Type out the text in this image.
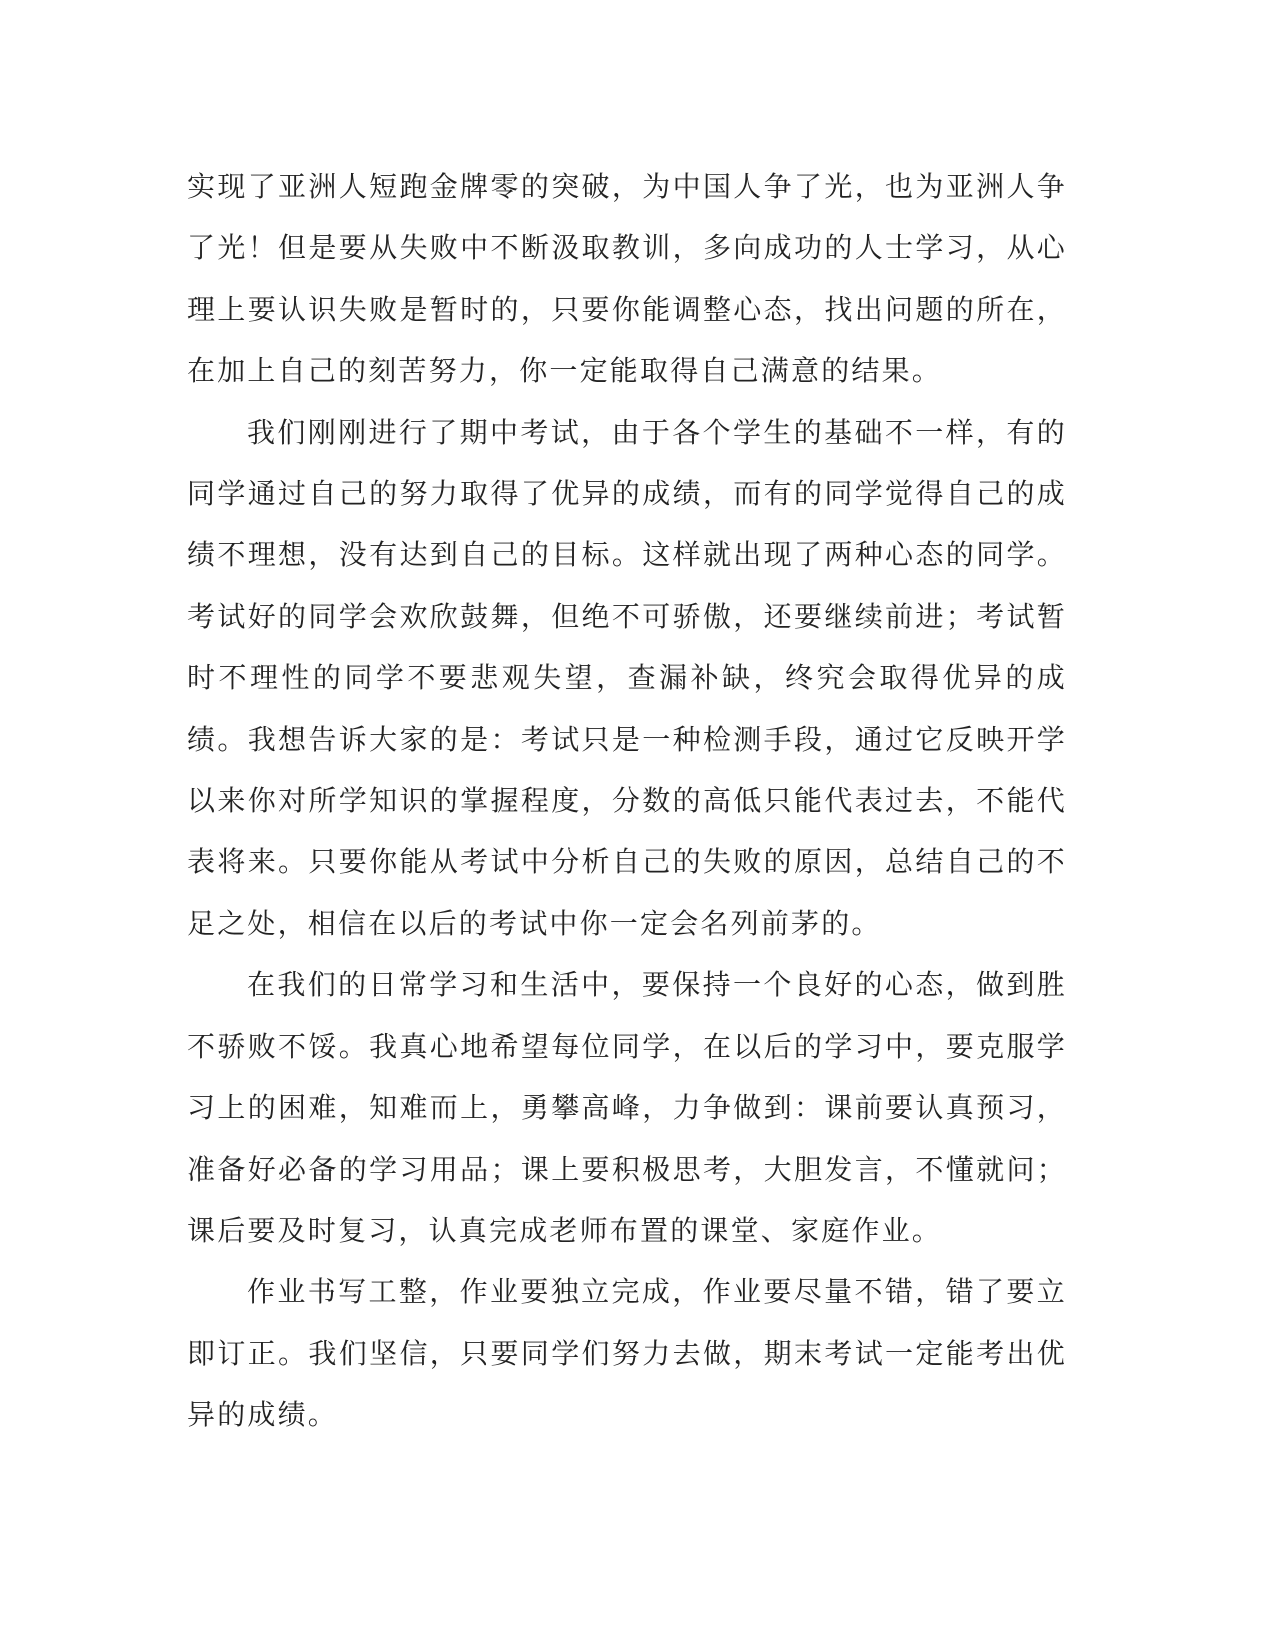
实现了亚洲人短跑金牌零的突破，为中国人争了光，也为亚洲人争了光！但是要从失败中不断汲取教训，多向成功的人士学习，从心理上要认识失败是暂时的，只要你能调整心态，找出问题的所在，在加上自己的刻苦努力，你一定能取得自己满意的结果。

我们刚刚进行了期中考试，由于各个学生的基础不一样，有的同学通过自己的努力取得了优异的成绩，而有的同学觉得自己的成绩不理想，没有达到自己的目标。这样就出现了两种心态的同学。考试好的同学会欢欣鼓舞，但绝不可骄傲，还要继续前进；考试暂时不理性的同学不要悲观失望，查漏补缺，终究会取得优异的成绩。我想告诉大家的是：考试只是一种检测手段，通过它反映开学以来你对所学知识的掌握程度，分数的高低只能代表过去，不能代表将来。只要你能从考试中分析自己的失败的原因，总结自己的不足之处，相信在以后的考试中你一定会名列前茅的。

在我们的日常学习和生活中，要保持一个良好的心态，做到胜不骄败不馁。我真心地希望每位同学，在以后的学习中，要克服学习上的困难，知难而上，勇攀高峰，力争做到：课前要认真预习，准备好必备的学习用品；课上要积极思考，大胆发言，不懂就问；课后要及时复习，认真完成老师布置的课堂、家庭作业。

作业书写工整，作业要独立完成，作业要尽量不错，错了要立即订正。我们坚信，只要同学们努力去做，期末考试一定能考出优异的成绩。
